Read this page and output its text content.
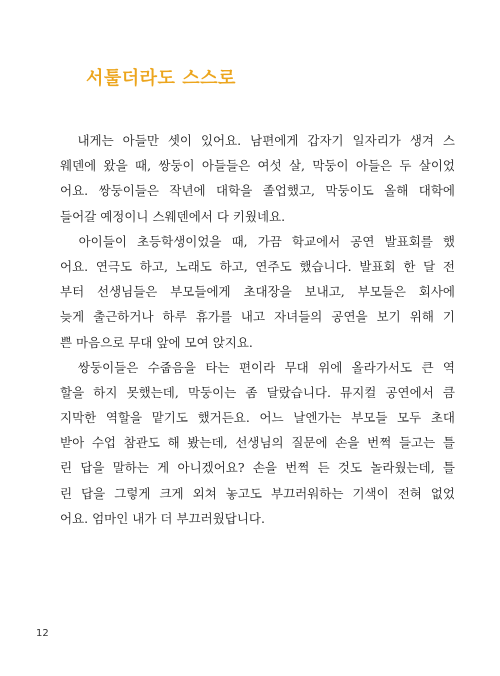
서툴더라도 스스로

　내게는 아들만 셋이 있어요. 남편에게 갑자기 일자리가 생겨 스
웨덴에 왔을 때, 쌍둥이 아들들은 여섯 살, 막둥이 아들은 두 살이었
어요. 쌍둥이들은 작년에 대학을 졸업했고, 막둥이도 올해 대학에
들어갈 예정이니 스웨덴에서 다 키웠네요.

　아이들이 초등학생이었을 때, 가끔 학교에서 공연 발표회를 했
어요. 연극도 하고, 노래도 하고, 연주도 했습니다. 발표회 한 달 전
부터 선생님들은 부모들에게 초대장을 보내고, 부모들은 회사에
늦게 출근하거나 하루 휴가를 내고 자녀들의 공연을 보기 위해 기
쁜 마음으로 무대 앞에 모여 앉지요.

　쌍둥이들은 수줍음을 타는 편이라 무대 위에 올라가서도 큰 역
할을 하지 못했는데, 막둥이는 좀 달랐습니다. 뮤지컬 공연에서 큼
지막한 역할을 맡기도 했거든요. 어느 날엔가는 부모들 모두 초대
받아 수업 참관도 해 봤는데, 선생님의 질문에 손을 번쩍 들고는 틀
린 답을 말하는 게 아니겠어요? 손을 번쩍 든 것도 놀라웠는데, 틀
린 답을 그렇게 크게 외쳐 놓고도 부끄러워하는 기색이 전혀 없었
어요. 엄마인 내가 더 부끄러웠답니다.

12
